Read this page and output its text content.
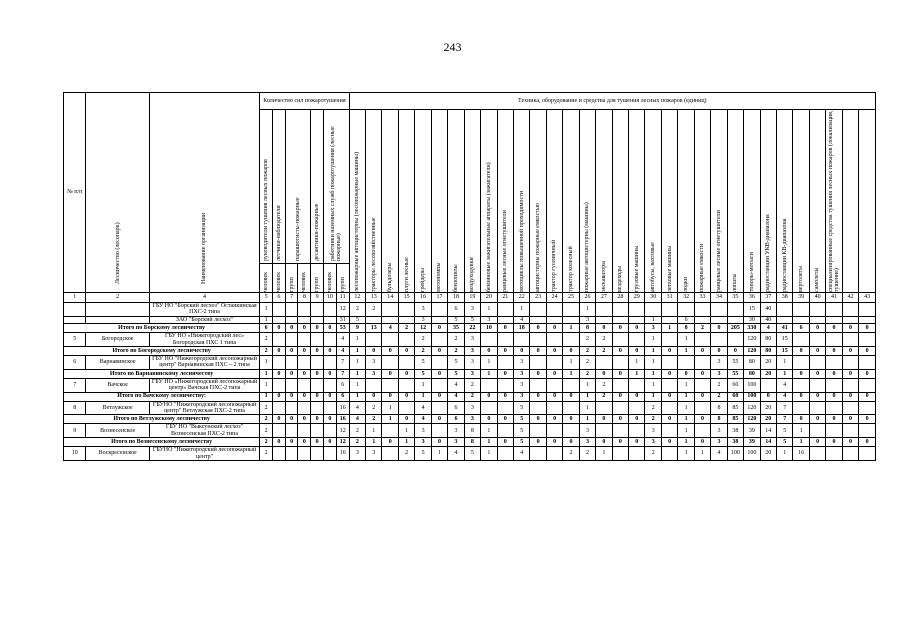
243
№ п/п	Лесничество (лесопарк)	Наименование организации	Количество сил пожаротушения							Техника, оборудование и средства для тушения лесных пожаров (единиц)																															

			руководители тушения лесных пожаров	летчики-наблюдатели	парашютисты-пожарные		десантники-пожарные	работники наземных служб пожаротушения (лесные пожарные)		лесопожарные автоцистерны (лесопожарные машины)	тракторы лесохозяйственные	бульдозеры	плуги лесные	грейдеры	мотопомпы	бензопилы	воздуходувки	бензиновые зажигательные аппараты (зажигатели)	ранцевые лесные огнетушители	мотоциклы повышенной проходимости	автоцистерны пожарные емкостью	трактор гусеничный	трактор колесный	пожарные автоцистерны (машины)	экскаваторы	вездеходы	грузовые машины	автобусы, вахтовые	легковые машины	лодки	пожарные емкости	ранцевые лесные огнетушители	лопаты	топоры-мотыги	радиостанции УКВ-диапазона	радиостанции КВ-диапазона	вертолеты	самолеты	специализированные средства тушения лесных пожаров (локализация, тушение)		

			человек	человек	групп	человек	групп	человек	групп																																

1	2	4	5	6	7	8	9	10	11	12	13	14	15	16	17	18	19	20	21	22	23	24	25	26	27	28	29	30	31	32	33	34	35	36	37	38	39	40	41	42	43
		ГБУ НО "Борский лесхоз" Останкинская ПХС-2 типа	1						12	2	2			3		6	3	1		1				1										15	40						
		ЗАО "Борский лесхоз"	1						31	5				3		5	5	3		4				3				1		6				30	40						
Итого по Борскому лесничеству			6	0	0	0	0	0	53	9	13	4	2	12	0	35	22	10	0	18	0	0	1	8	0	0	0	3	1	8	2	0	205	330	4	41	6	0	0	0	0
5	Богородское	ГБУ НО «Нижегородский лес» Богородская ПХС 1 типа	2						4	1				2		2	3							2	2			1		1				120	80	15					
Итого по Богородскому лесничеству			2	0	0	0	0	0	4	1	0	0	0	2	0	2	3	0	0	0	0	0	0	2	2	0	0	1	0	1	0	0	0	120	80	15	0	0	0	0	0
6	Варнавинское	ГБУ НО "Нижегородский лесопожарный центр" Варнавинская ПХС – 2 типа	1						7	1	3			5		5	3	1		3			1	2			1	1				3	55	80	20	1					
Итого по Варнавинскому лесничеству			1	0	0	0	0	0	7	1	3	0	0	5	0	5	3	1	0	3	0	0	1	2	0	0	1	1	0	0	0	3	55	80	20	1	0	0	0	0	0
7	Вачское	ГБУ НО «Нижегородский лесопожарный центр» Вачская ПХС-2 типа	1						6	1				1		4	2			3				1	2			1		1		2	60	100		4					
Итого по Вачскому лесничеству:			1	0	0	0	0	0	6	1	0	0	0	1	0	4	2	0	0	3	0	0	0	1	2	0	0	1	0	1	0	2	60	100	0	4	0	0	0	0	0
8	Ветлужское	ГБУНО "Нижегородский лесопожарный центр" Ветлужская ПХС-2 типа	2						16	4	2	1		4		6	3			5				1				2		1		8	85	120	20	7					
Итого по Ветлужскому лесничеству			2	0	0	0	0	0	16	4	2	1	0	4	0	6	3	0	0	5	0	0	0	1	0	0	0	2	0	1	0	8	85	120	20	7	0	0	0	0	0
9	Вознесенское	ГБУ НО "Выксунский лесхоз" Вознесенская ПХС-2 типа	2						12	2	1		1	3		3	8	1		5				3				3		1		3	38	39	14	5	1				
Итого по Вознесенскому лесничеству			2	0	0	0	0	0	12	2	1	0	1	3	0	3	8	1	0	5	0	0	0	3	0	0	0	3	0	1	0	3	38	39	14	5	1	0	0	0	0
10	Воскресенское	ГБУНО "Нижегородский лесопожарный центр"	2						16	3	3		2	5	1	4	5	1		4			2	2	1			2		1	1	4	100	100	20	1	16				
